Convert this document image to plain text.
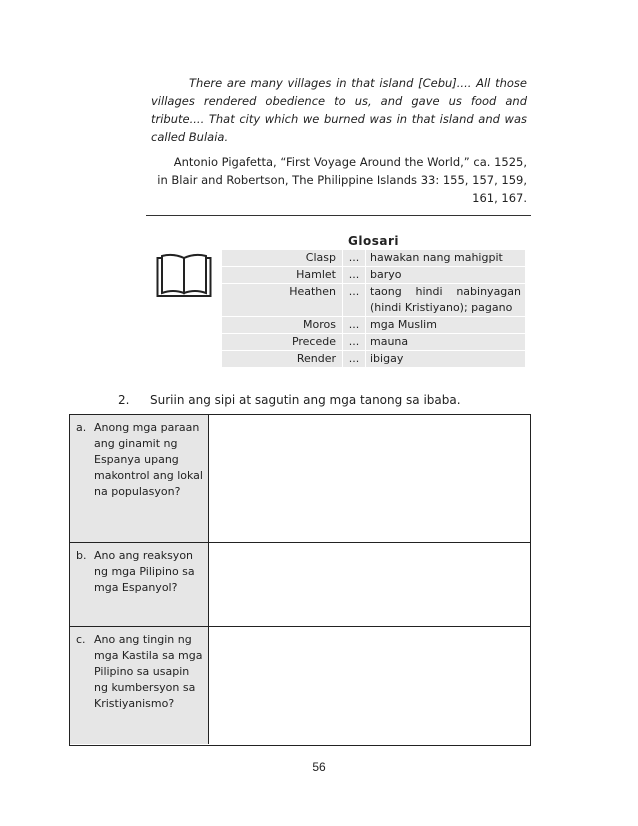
There are many villages in that island [Cebu].... All those villages rendered obedience to us, and gave us food and tribute.... That city which we burned was in that island and was called Bulaia.
Antonio Pigafetta, “First Voyage Around the World,” ca. 1525,
in Blair and Robertson, The Philippine Islands 33: 155, 157, 159,
161, 167.
Glosari
Clasp	... hawakan nang mahigpit
Hamlet	... baryo
Heathen	... taong hindi nabinyagan
(hindi Kristiyano); pagano
Moros	... mga Muslim
Precede	... mauna
Render	... ibigay
2. Suriin ang sipi at sagutin ang mga tanong sa ibaba.
a. Anong mga paraan ang ginamit ng Espanya upang makontrol ang lokal na populasyon?
b. Ano ang reaksyon ng mga Pilipino sa mga Espanyol?
c. Ano ang tingin ng mga Kastila sa mga Pilipino sa usapin ng kumbersyon sa Kristiyanismo?
56
